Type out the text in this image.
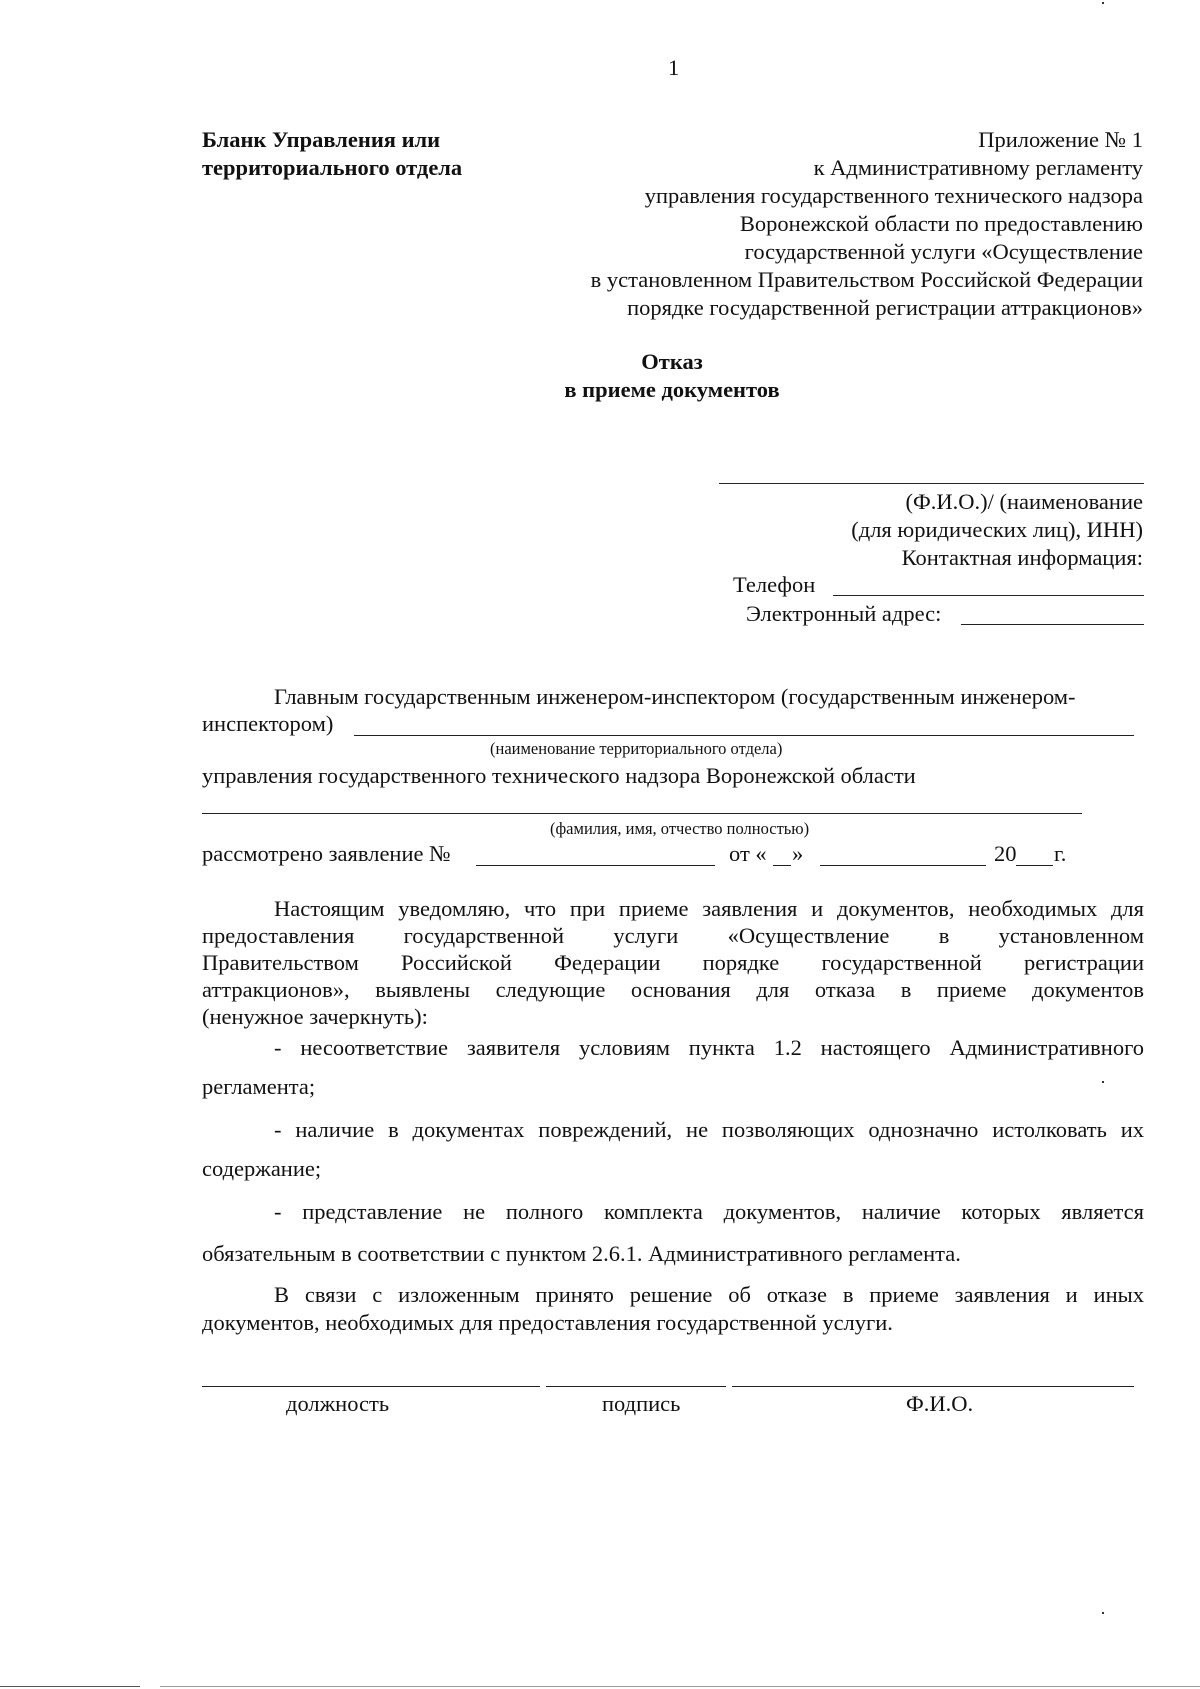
1
Бланк Управления или
территориального отдела
Приложение № 1
к Административному регламенту
управления государственного технического надзора
Воронежской области по предоставлению
государственной услуги «Осуществление
в установленном Правительством Российской Федерации
порядке государственной регистрации аттракционов»
Отказ
в приеме документов
(Ф.И.О.)/ (наименование
(для юридических лиц), ИНН)
Контактная информация:
Телефон
Электронный адрес:
Главным государственным инженером-инспектором (государственным инженером-
инспектором)
(наименование территориального отдела)
управления государственного технического надзора Воронежской области
(фамилия, имя, отчество полностью)
рассмотрено заявление №	от « »	20 г.
Настоящим уведомляю, что при приеме заявления и документов, необходимых для
предоставления государственной услуги «Осуществление в установленном
Правительством Российской Федерации порядке государственной регистрации
аттракционов», выявлены следующие основания для отказа в приеме документов
(ненужное зачеркнуть):
- несоответствие заявителя условиям пункта 1.2 настоящего Административного
регламента;
- наличие в документах повреждений, не позволяющих однозначно истолковать их
содержание;
- представление не полного комплекта документов, наличие которых является
обязательным в соответствии с пунктом 2.6.1. Административного регламента.
В связи с изложенным принято решение об отказе в приеме заявления и иных
документов, необходимых для предоставления государственной услуги.
должность	подпись	Ф.И.О.
